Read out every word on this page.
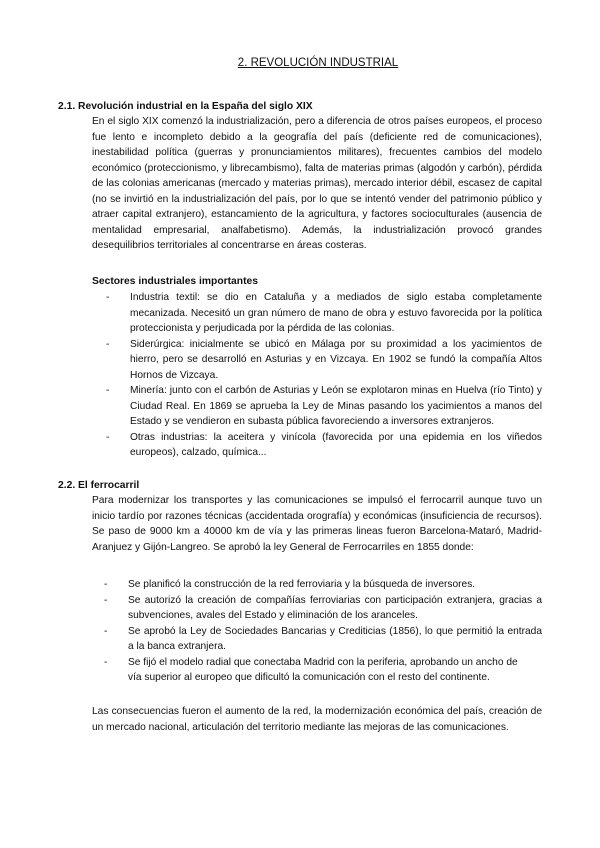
2. REVOLUCIÓN INDUSTRIAL
2.1. Revolución industrial en la España del siglo XIX

En el siglo XIX comenzó la industrialización, pero a diferencia de otros países europeos, el proceso fue lento e incompleto debido a la geografía del país (deficiente red de comunicaciones), inestabilidad política (guerras y pronunciamientos militares), frecuentes cambios del modelo económico (proteccionismo, y librecambismo), falta de materias primas (algodón y carbón), pérdida de las colonias americanas (mercado y materias primas), mercado interior débil, escasez de capital (no se invirtió en la industrialización del país, por lo que se intentó vender del patrimonio público y atraer capital extranjero), estancamiento de la agricultura, y factores socioculturales (ausencia de mentalidad empresarial, analfabetismo). Además, la industrialización provocó grandes desequilibrios territoriales al concentrarse en áreas costeras.

Sectores industriales importantes
- Industria textil: se dio en Cataluña y a mediados de siglo estaba completamente mecanizada. Necesitó un gran número de mano de obra y estuvo favorecida por la política proteccionista y perjudicada por la pérdida de las colonias.
- Siderúrgica: inicialmente se ubicó en Málaga por su proximidad a los yacimientos de hierro, pero se desarrolló en Asturias y en Vizcaya. En 1902 se fundó la compañía Altos Hornos de Vizcaya.
- Minería: junto con el carbón de Asturias y León se explotaron minas en Huelva (río Tinto) y Ciudad Real. En 1869 se aprueba la Ley de Minas pasando los yacimientos a manos del Estado y se vendieron en subasta pública favoreciendo a inversores extranjeros.
- Otras industrias: la aceitera y vinícola (favorecida por una epidemia en los viñedos europeos), calzado, química...
2.2. El ferrocarril

Para modernizar los transportes y las comunicaciones se impulsó el ferrocarril aunque tuvo un inicio tardío por razones técnicas (accidentada orografía) y económicas (insuficiencia de recursos). Se paso de 9000 km a 40000 km de vía y las primeras lineas fueron Barcelona-Mataró, Madrid-Aranjuez y Gijón-Langreo. Se aprobó la ley General de Ferrocarriles en 1855 donde:

- Se planificó la construcción de la red ferroviaria y la búsqueda de inversores.
- Se autorizó la creación de compañías ferroviarias con participación extranjera, gracias a subvenciones, avales del Estado y eliminación de los aranceles.
- Se aprobó la Ley de Sociedades Bancarias y Crediticias (1856), lo que permitió la entrada a la banca extranjera.
- Se fijó el modelo radial que conectaba Madrid con la periferia, aprobando un ancho de vía superior al europeo que dificultó la comunicación con el resto del continente.

Las consecuencias fueron el aumento de la red, la modernización económica del país, creación de un mercado nacional, articulación del territorio mediante las mejoras de las comunicaciones.
